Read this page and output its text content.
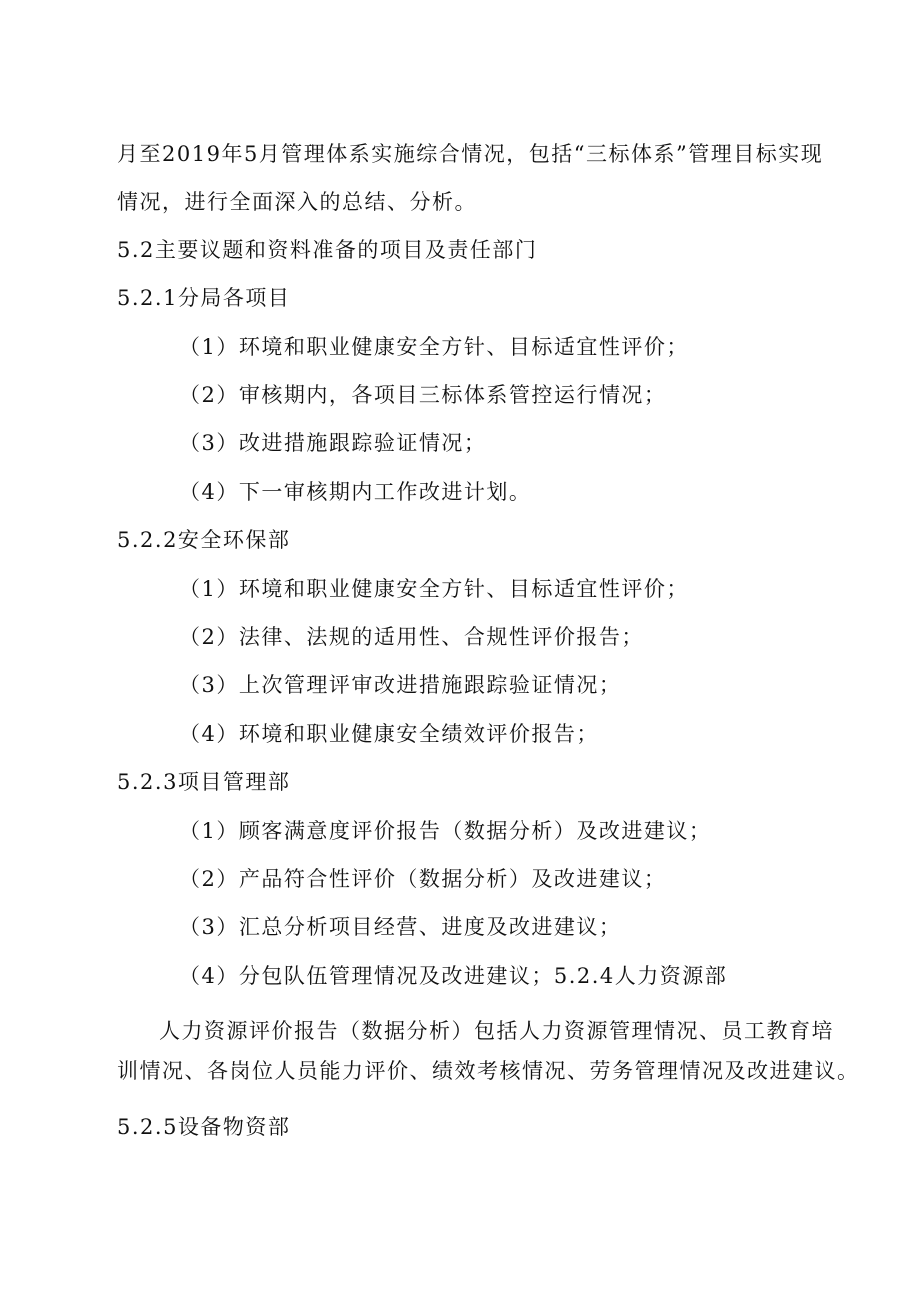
月至2019年5月管理体系实施综合情况，包括“三标体系”管理目标实现
情况，进行全面深入的总结、分析。
5.2主要议题和资料准备的项目及责任部门
5.2.1分局各项目
（1）环境和职业健康安全方针、目标适宜性评价；
（2）审核期内，各项目三标体系管控运行情况；
（3）改进措施跟踪验证情况；
（4）下一审核期内工作改进计划。
5.2.2安全环保部
（1）环境和职业健康安全方针、目标适宜性评价；
（2）法律、法规的适用性、合规性评价报告；
（3）上次管理评审改进措施跟踪验证情况；
（4）环境和职业健康安全绩效评价报告；
5.2.3项目管理部
（1）顾客满意度评价报告（数据分析）及改进建议；
（2）产品符合性评价（数据分析）及改进建议；
（3）汇总分析项目经营、进度及改进建议；
（4）分包队伍管理情况及改进建议；5.2.4人力资源部
人力资源评价报告（数据分析）包括人力资源管理情况、员工教育培
训情况、各岗位人员能力评价、绩效考核情况、劳务管理情况及改进建议。
5.2.5设备物资部
